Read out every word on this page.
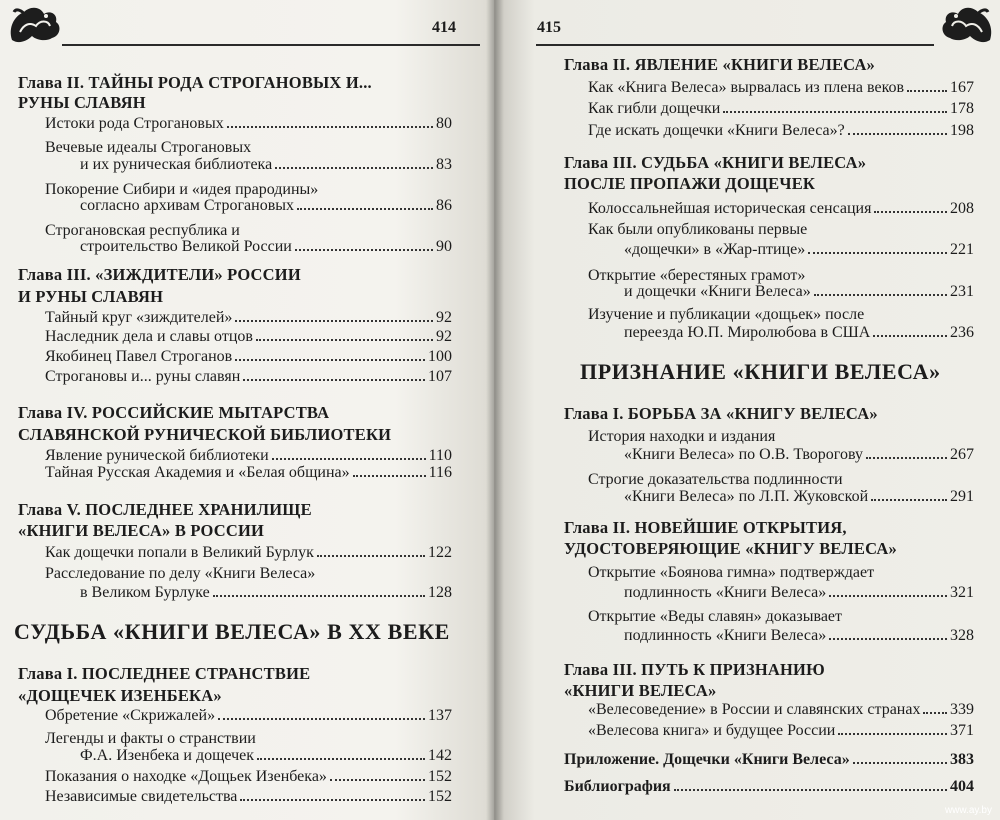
414
Глава II. ТАЙНЫ РОДА СТРОГАНОВЫХ И...
РУНЫ СЛАВЯН
Истоки рода Строгановых	80
Вечевые идеалы Строгановых
и их руническая библиотека	83
Покорение Сибири и «идея прародины»
согласно архивам Строгановых	86
Строгановская республика и
строительство Великой России	90
Глава III. «ЗИЖДИТЕЛИ» РОССИИ
И РУНЫ СЛАВЯН
Тайный круг «зиждителей»	92
Наследник дела и славы отцов	92
Якобинец Павел Строганов	100
Строгановы и... руны славян	107
Глава IV. РОССИЙСКИЕ МЫТАРСТВА
СЛАВЯНСКОЙ РУНИЧЕСКОЙ БИБЛИОТЕКИ
Явление рунической библиотеки	110
Тайная Русская Академия и «Белая община»	116
Глава V. ПОСЛЕДНЕЕ ХРАНИЛИЩЕ
«КНИГИ ВЕЛЕСА» В РОССИИ
Как дощечки попали в Великий Бурлук	122
Расследование по делу «Книги Велеса»
в Великом Бурлуке	128
СУДЬБА «КНИГИ ВЕЛЕСА» В XX ВЕКЕ
Глава I. ПОСЛЕДНЕЕ СТРАНСТВИЕ
«ДОЩЕЧЕК ИЗЕНБЕКА»
Обретение «Скрижалей»	137
Легенды и факты о странствии
Ф.А. Изенбека и дощечек	142
Показания о находке «Дощьек Изенбека»	152
Независимые свидетельства	152
415
Глава II. ЯВЛЕНИЕ «КНИГИ ВЕЛЕСА»
Как «Книга Велеса» вырвалась из плена веков	167
Как гибли дощечки	178
Где искать дощечки «Книги Велеса»?	198
Глава III. СУДЬБА «КНИГИ ВЕЛЕСА»
ПОСЛЕ ПРОПАЖИ ДОЩЕЧЕК
Колоссальнейшая историческая сенсация	208
Как были опубликованы первые
«дощечки» в «Жар-птице»	221
Открытие «берестяных грамот»
и дощечки «Книги Велеса»	231
Изучение и публикации «дощьек» после
переезда Ю.П. Миролюбова в США	236
ПРИЗНАНИЕ «КНИГИ ВЕЛЕСА»
Глава I. БОРЬБА ЗА «КНИГУ ВЕЛЕСА»
История находки и издания
«Книги Велеса» по О.В. Творогову	267
Строгие доказательства подлинности
«Книги Велеса» по Л.П. Жуковской	291
Глава II. НОВЕЙШИЕ ОТКРЫТИЯ,
УДОСТОВЕРЯЮЩИЕ «КНИГУ ВЕЛЕСА»
Открытие «Боянова гимна» подтверждает
подлинность «Книги Велеса»	321
Открытие «Веды славян» доказывает
подлинность «Книги Велеса»	328
Глава III. ПУТЬ К ПРИЗНАНИЮ
«КНИГИ ВЕЛЕСА»
«Велесоведение» в России и славянских странах 339
«Велесова книга» и будущее России	371
Приложение. Дощечки «Книги Велеса»	383
Библиография	404
www.ay.by
